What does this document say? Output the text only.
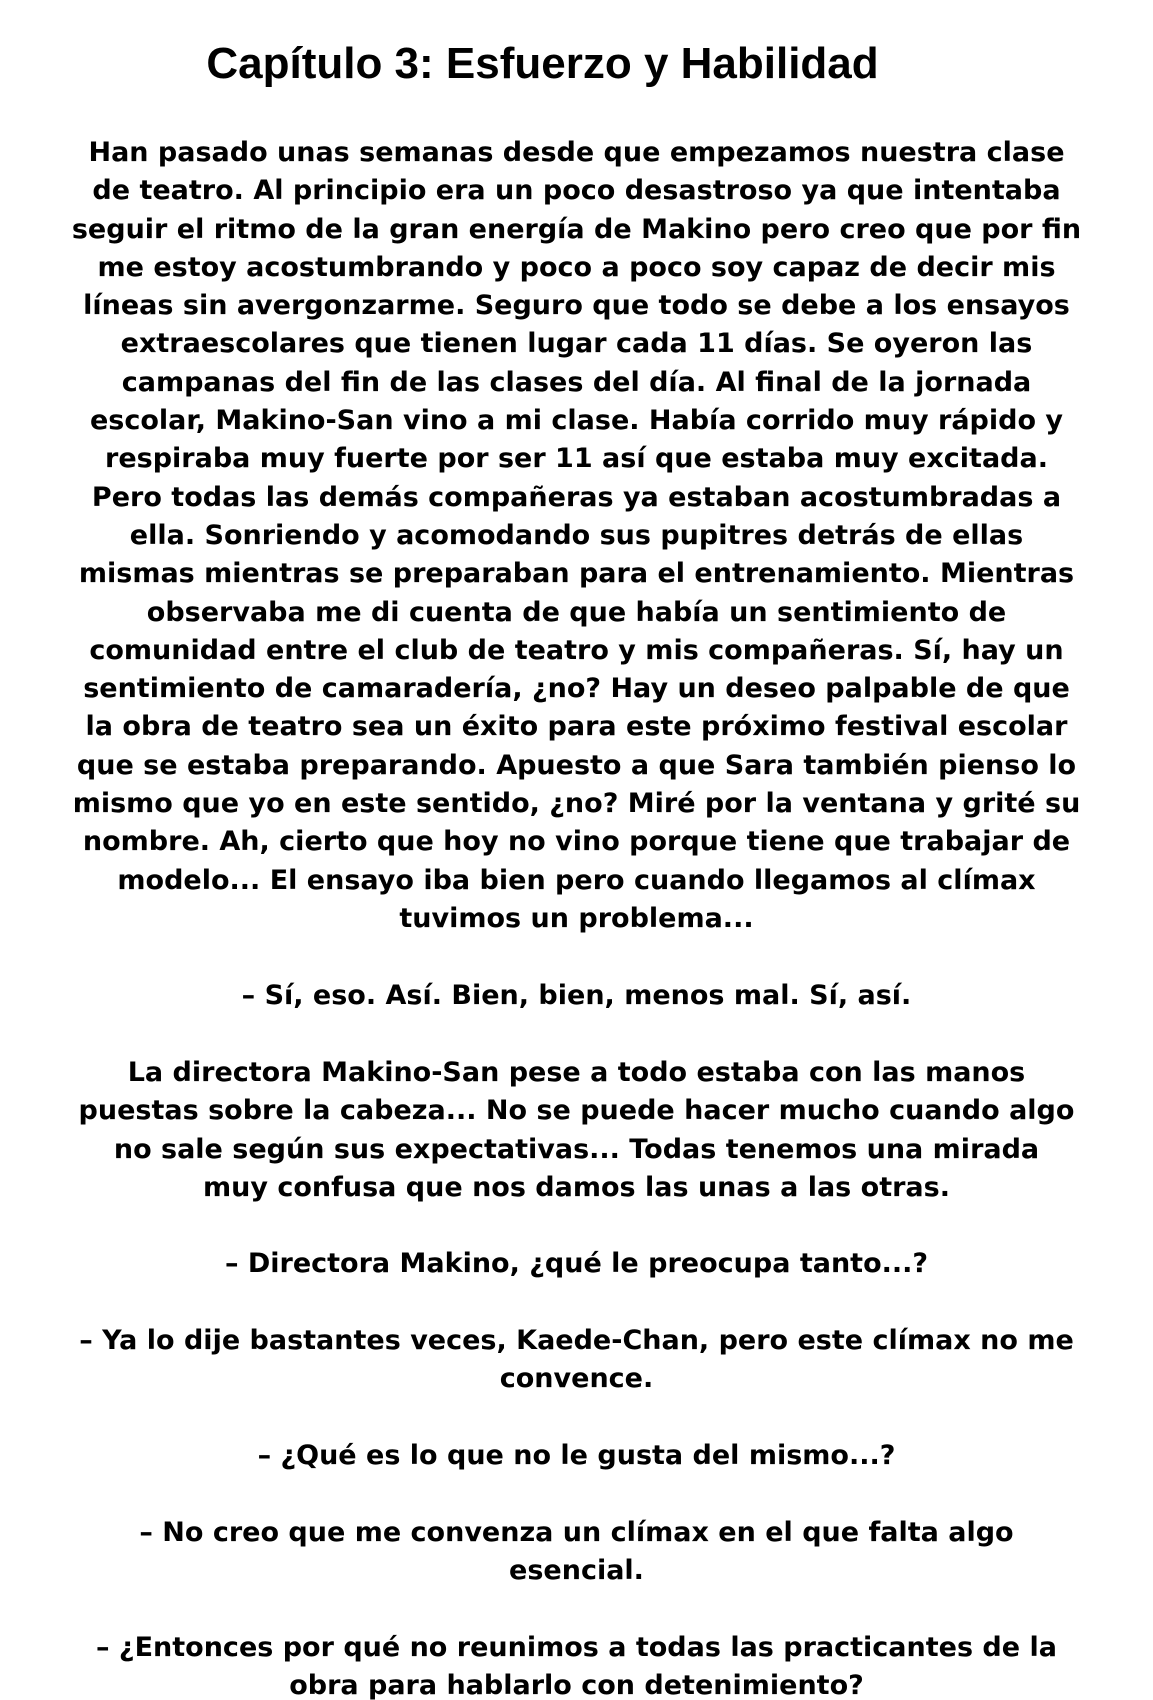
Capítulo 3: Esfuerzo y Habilidad

Han pasado unas semanas desde que empezamos nuestra clase
de teatro. Al principio era un poco desastroso ya que intentaba
seguir el ritmo de la gran energía de Makino pero creo que por fin
me estoy acostumbrando y poco a poco soy capaz de decir mis
líneas sin avergonzarme. Seguro que todo se debe a los ensayos
extraescolares que tienen lugar cada 11 días. Se oyeron las
campanas del fin de las clases del día. Al final de la jornada
escolar, Makino-San vino a mi clase. Había corrido muy rápido y
respiraba muy fuerte por ser 11 así que estaba muy excitada.
Pero todas las demás compañeras ya estaban acostumbradas a
ella. Sonriendo y acomodando sus pupitres detrás de ellas
mismas mientras se preparaban para el entrenamiento. Mientras
observaba me di cuenta de que había un sentimiento de
comunidad entre el club de teatro y mis compañeras. Sí, hay un
sentimiento de camaradería, ¿no? Hay un deseo palpable de que
la obra de teatro sea un éxito para este próximo festival escolar
que se estaba preparando. Apuesto a que Sara también pienso lo
mismo que yo en este sentido, ¿no? Miré por la ventana y grité su
nombre. Ah, cierto que hoy no vino porque tiene que trabajar de
modelo... El ensayo iba bien pero cuando llegamos al clímax
tuvimos un problema...

– Sí, eso. Así. Bien, bien, menos mal. Sí, así.

La directora Makino-San pese a todo estaba con las manos
puestas sobre la cabeza... No se puede hacer mucho cuando algo
no sale según sus expectativas... Todas tenemos una mirada
muy confusa que nos damos las unas a las otras.

– Directora Makino, ¿qué le preocupa tanto...?

– Ya lo dije bastantes veces, Kaede-Chan, pero este clímax no me
convence.

– ¿Qué es lo que no le gusta del mismo...?

– No creo que me convenza un clímax en el que falta algo
esencial.

– ¿Entonces por qué no reunimos a todas las practicantes de la
obra para hablarlo con detenimiento?
